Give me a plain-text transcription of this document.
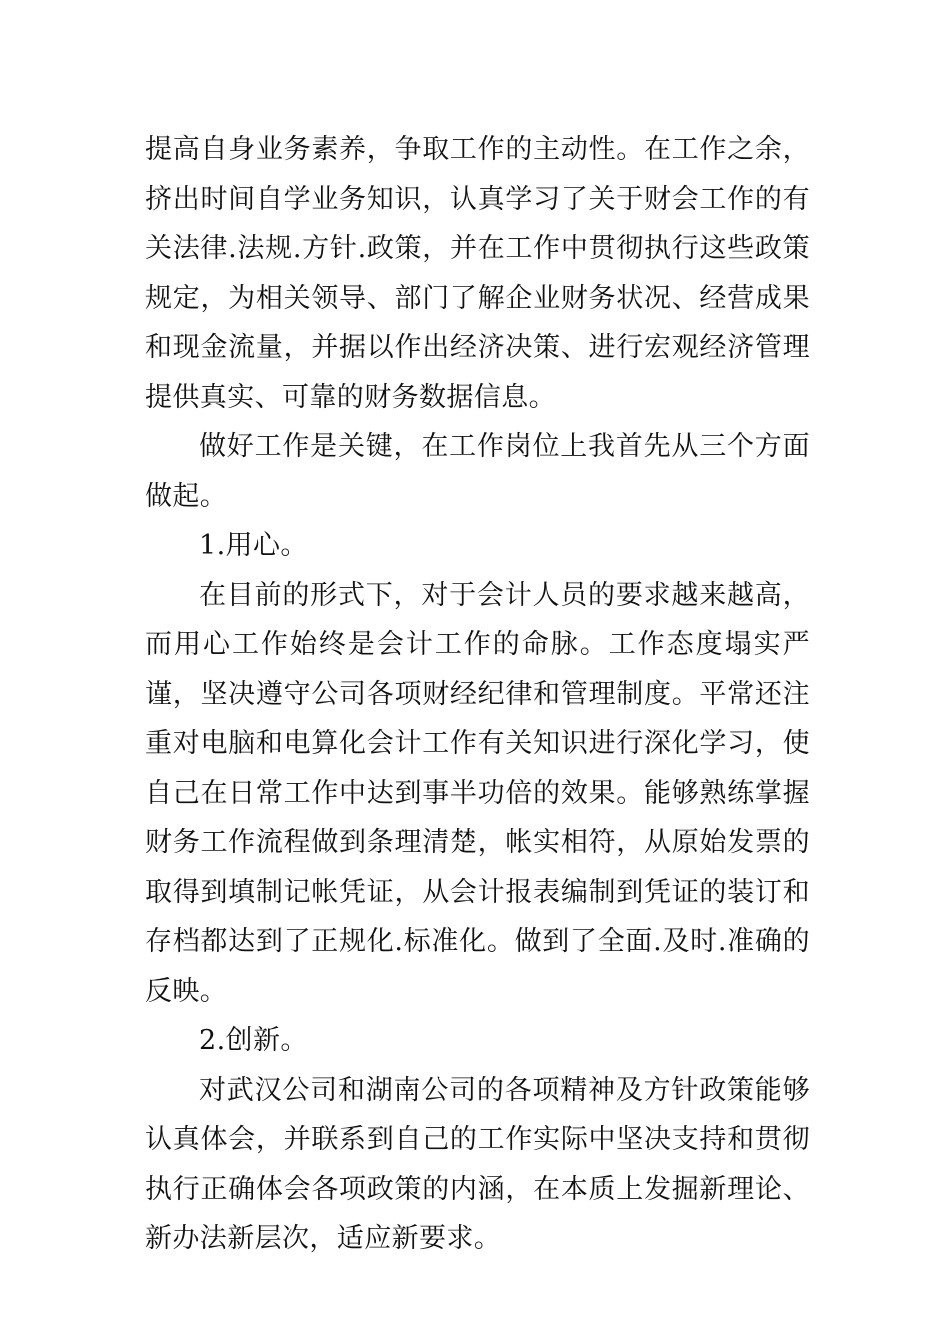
提高自身业务素养，争取工作的主动性。在工作之余，挤出时间自学业务知识，认真学习了关于财会工作的有关法律.法规.方针.政策，并在工作中贯彻执行这些政策规定，为相关领导、部门了解企业财务状况、经营成果和现金流量，并据以作出经济决策、进行宏观经济管理提供真实、可靠的财务数据信息。

做好工作是关键，在工作岗位上我首先从三个方面做起。

1.用心。

在目前的形式下，对于会计人员的要求越来越高，而用心工作始终是会计工作的命脉。工作态度塌实严谨，坚决遵守公司各项财经纪律和管理制度。平常还注重对电脑和电算化会计工作有关知识进行深化学习，使自己在日常工作中达到事半功倍的效果。能够熟练掌握财务工作流程做到条理清楚，帐实相符，从原始发票的取得到填制记帐凭证，从会计报表编制到凭证的装订和存档都达到了正规化.标准化。做到了全面.及时.准确的反映。

2.创新。

对武汉公司和湖南公司的各项精神及方针政策能够认真体会，并联系到自己的工作实际中坚决支持和贯彻执行正确体会各项政策的内涵，在本质上发掘新理论、新办法新层次，适应新要求。
